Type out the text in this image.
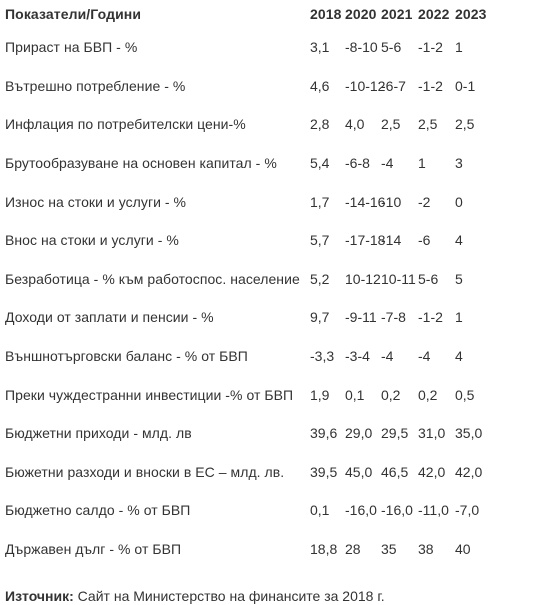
Показатели/Години	2018	2020	2021	2022	2023
Прираст на БВП - %	3,1	-8-10	5-6	-1-2	1
Вътрешно потребление - %	4,6	-10-12	-6-7	-1-2	0-1
Инфлация по потребителски цени-%	2,8	4,0	2,5	2,5	2,5
Брутообразуване на основен капитал - %	5,4	-6-8	-4	1	3
Износ на стоки и услуги - %	1,7	-14-16	-10	-2	0
Внос на стоки и услуги - %	5,7	-17-18	-14	-6	4
Безработица - % към работоспос. население	5,2	10-12	10-11	5-6	5
Доходи от заплати и пенсии - %	9,7	-9-11	-7-8	-1-2	1
Външнотърговски баланс - % от БВП	-3,3	-3-4	-4	-4	4
Преки чуждестранни инвестиции -% от БВП	1,9	0,1	0,2	0,2	0,5
Бюджетни приходи - млд. лв	39,6	29,0	29,5	31,0	35,0
Бюжетни разходи и вноски в ЕС – млд. лв.	39,5	45,0	46,5	42,0	42,0
Бюджетно салдо - % от БВП	0,1	-16,0	-16,0	-11,0	-7,0
Държавен дълг - % от БВП	18,8	28	35	38	40
Източник: Сайт на Министерство на финансите за 2018 г.
